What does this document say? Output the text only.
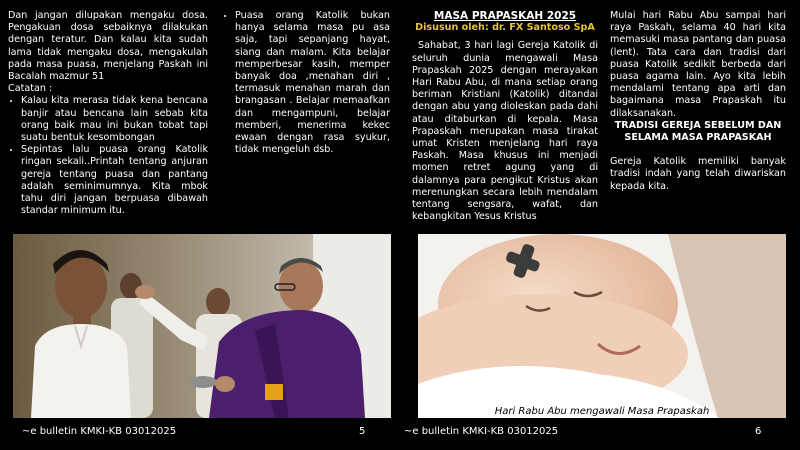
Dan jangan dilupakan mengaku dosa. Pengakuan dosa sebaiknya dilakukan dengan teratur. Dan kalau kita sudah lama tidak mengaku dosa, mengakulah pada masa puasa, menjelang Paskah ini Bacalah mazmur 51

Catatan :

• Kalau kita merasa tidak kena bencana banjir atau bencana lain sebab kita orang baik mau ini bukan tobat tapi suatu bentuk kesombongan
• Sepintas lalu puasa orang Katolik ringan sekali..Printah tentang anjuran gereja tentang puasa dan pantang adalah seminimumnya. Kita mbok tahu diri jangan berpuasa dibawah standar minimum itu.
• Puasa orang Katolik bukan hanya selama masa pu asa saja, tapi sepanjang hayat, siang dan malam. Kita belajar memperbesar kasih, memper banyak doa ,menahan diri , termasuk menahan marah dan brangasan . Belajar memaafkan dan mengampuni, belajar memberi, menerima kekec ewaan dengan rasa syukur, tidak mengeluh dsb.

MASA PRAPASKAH 2025

Disusun oleh: dr. FX Santoso SpA

Sahabat, 3 hari lagi Gereja Katolik di seluruh dunia mengawali Masa Prapaskah 2025 dengan merayakan Hari Rabu Abu, di mana setiap orang beriman Kristiani (Katolik) ditandai dengan abu yang dioleskan pada dahi atau ditaburkan di kepala. Masa Prapaskah merupakan masa tirakat umat Kristen menjelang hari raya Paskah. Masa khusus ini menjadi momen retret agung yang di dalamnya para pengikut Kristus akan merenungkan secara lebih mendalam tentang sengsara, wafat, dan kebangkitan Yesus Kristus

Mulai hari Rabu Abu sampai hari raya Paskah, selama 40 hari kita memasuki masa pantang dan puasa (lent). Tata cara dan tradisi dari puasa Katolik sedikit berbeda dari puasa agama lain. Ayo kita lebih mendalami tentang apa arti dan bagaimana masa Prapaskah itu dilaksanakan.

TRADISI GEREJA SEBELUM DAN SELAMA MASA PRAPASKAH

Gereja Katolik memiliki banyak tradisi indah yang telah diwariskan kepada kita.

Hari Rabu Abu mengawali Masa Prapaskah
~e bulletin KMKI-KB 03012025	5	~e bulletin KMKI-KB 03012025	6
